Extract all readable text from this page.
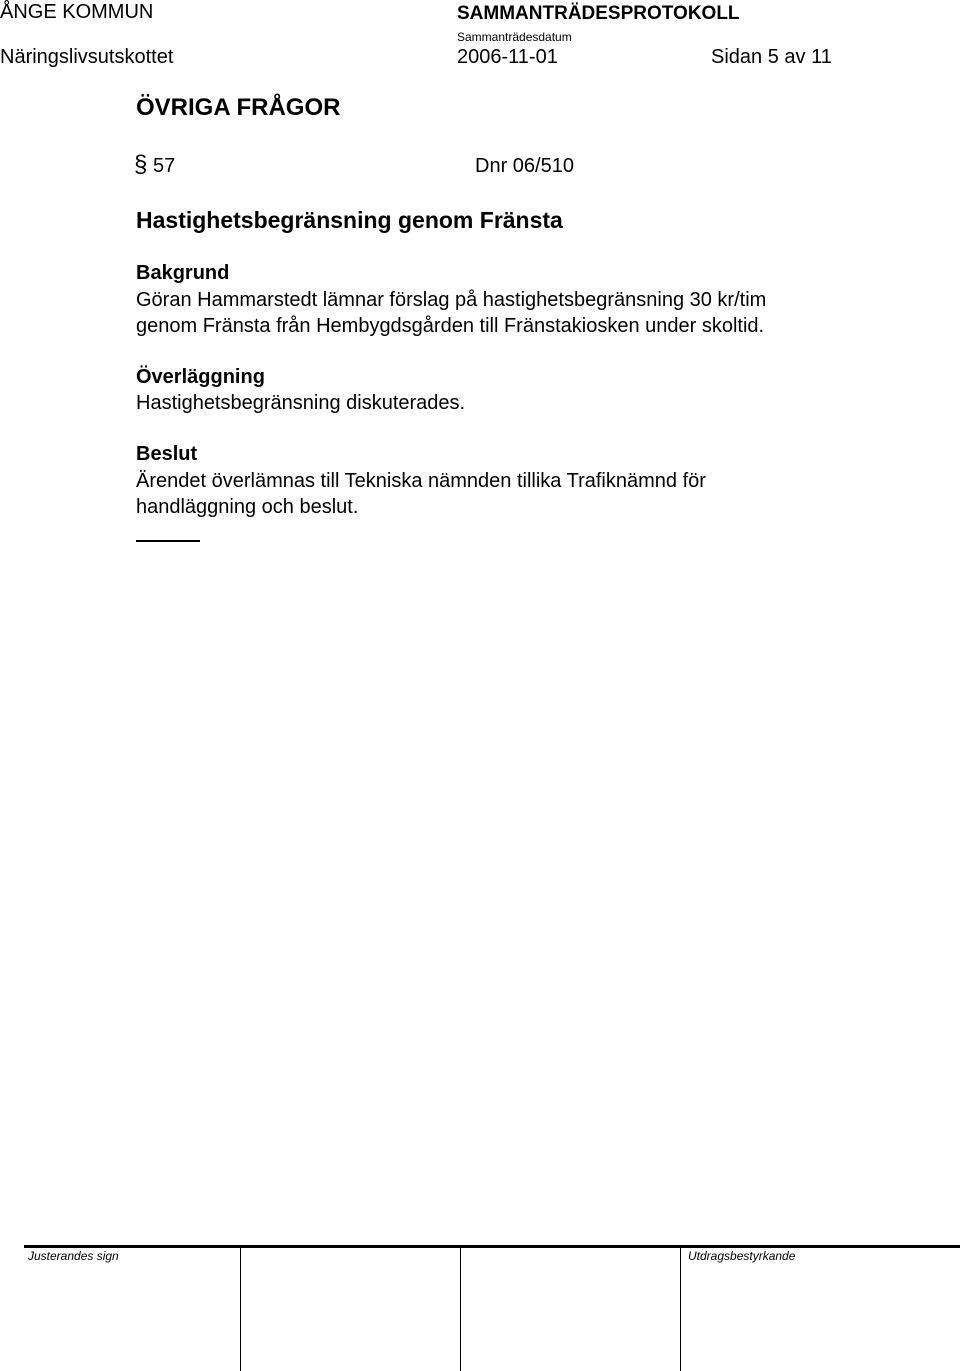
ÅNGE KOMMUN	SAMMANTRÄDESPROTOKOLL
Sammanträdesdatum
Näringslivsutskottet	2006-11-01	Sidan 5 av 11
ÖVRIGA FRÅGOR
§ 57	Dnr 06/510
Hastighetsbegränsning genom Fränsta
Bakgrund
Göran Hammarstedt lämnar förslag på hastighetsbegränsning 30 kr/tim
genom Fränsta från Hembygdsgården till Fränstakiosken under skoltid.
Överläggning
Hastighetsbegränsning diskuterades.
Beslut
Ärendet överlämnas till Tekniska nämnden tillika Trafiknämnd för
handläggning och beslut.
Justerandes sign	Utdragsbestyrkande
